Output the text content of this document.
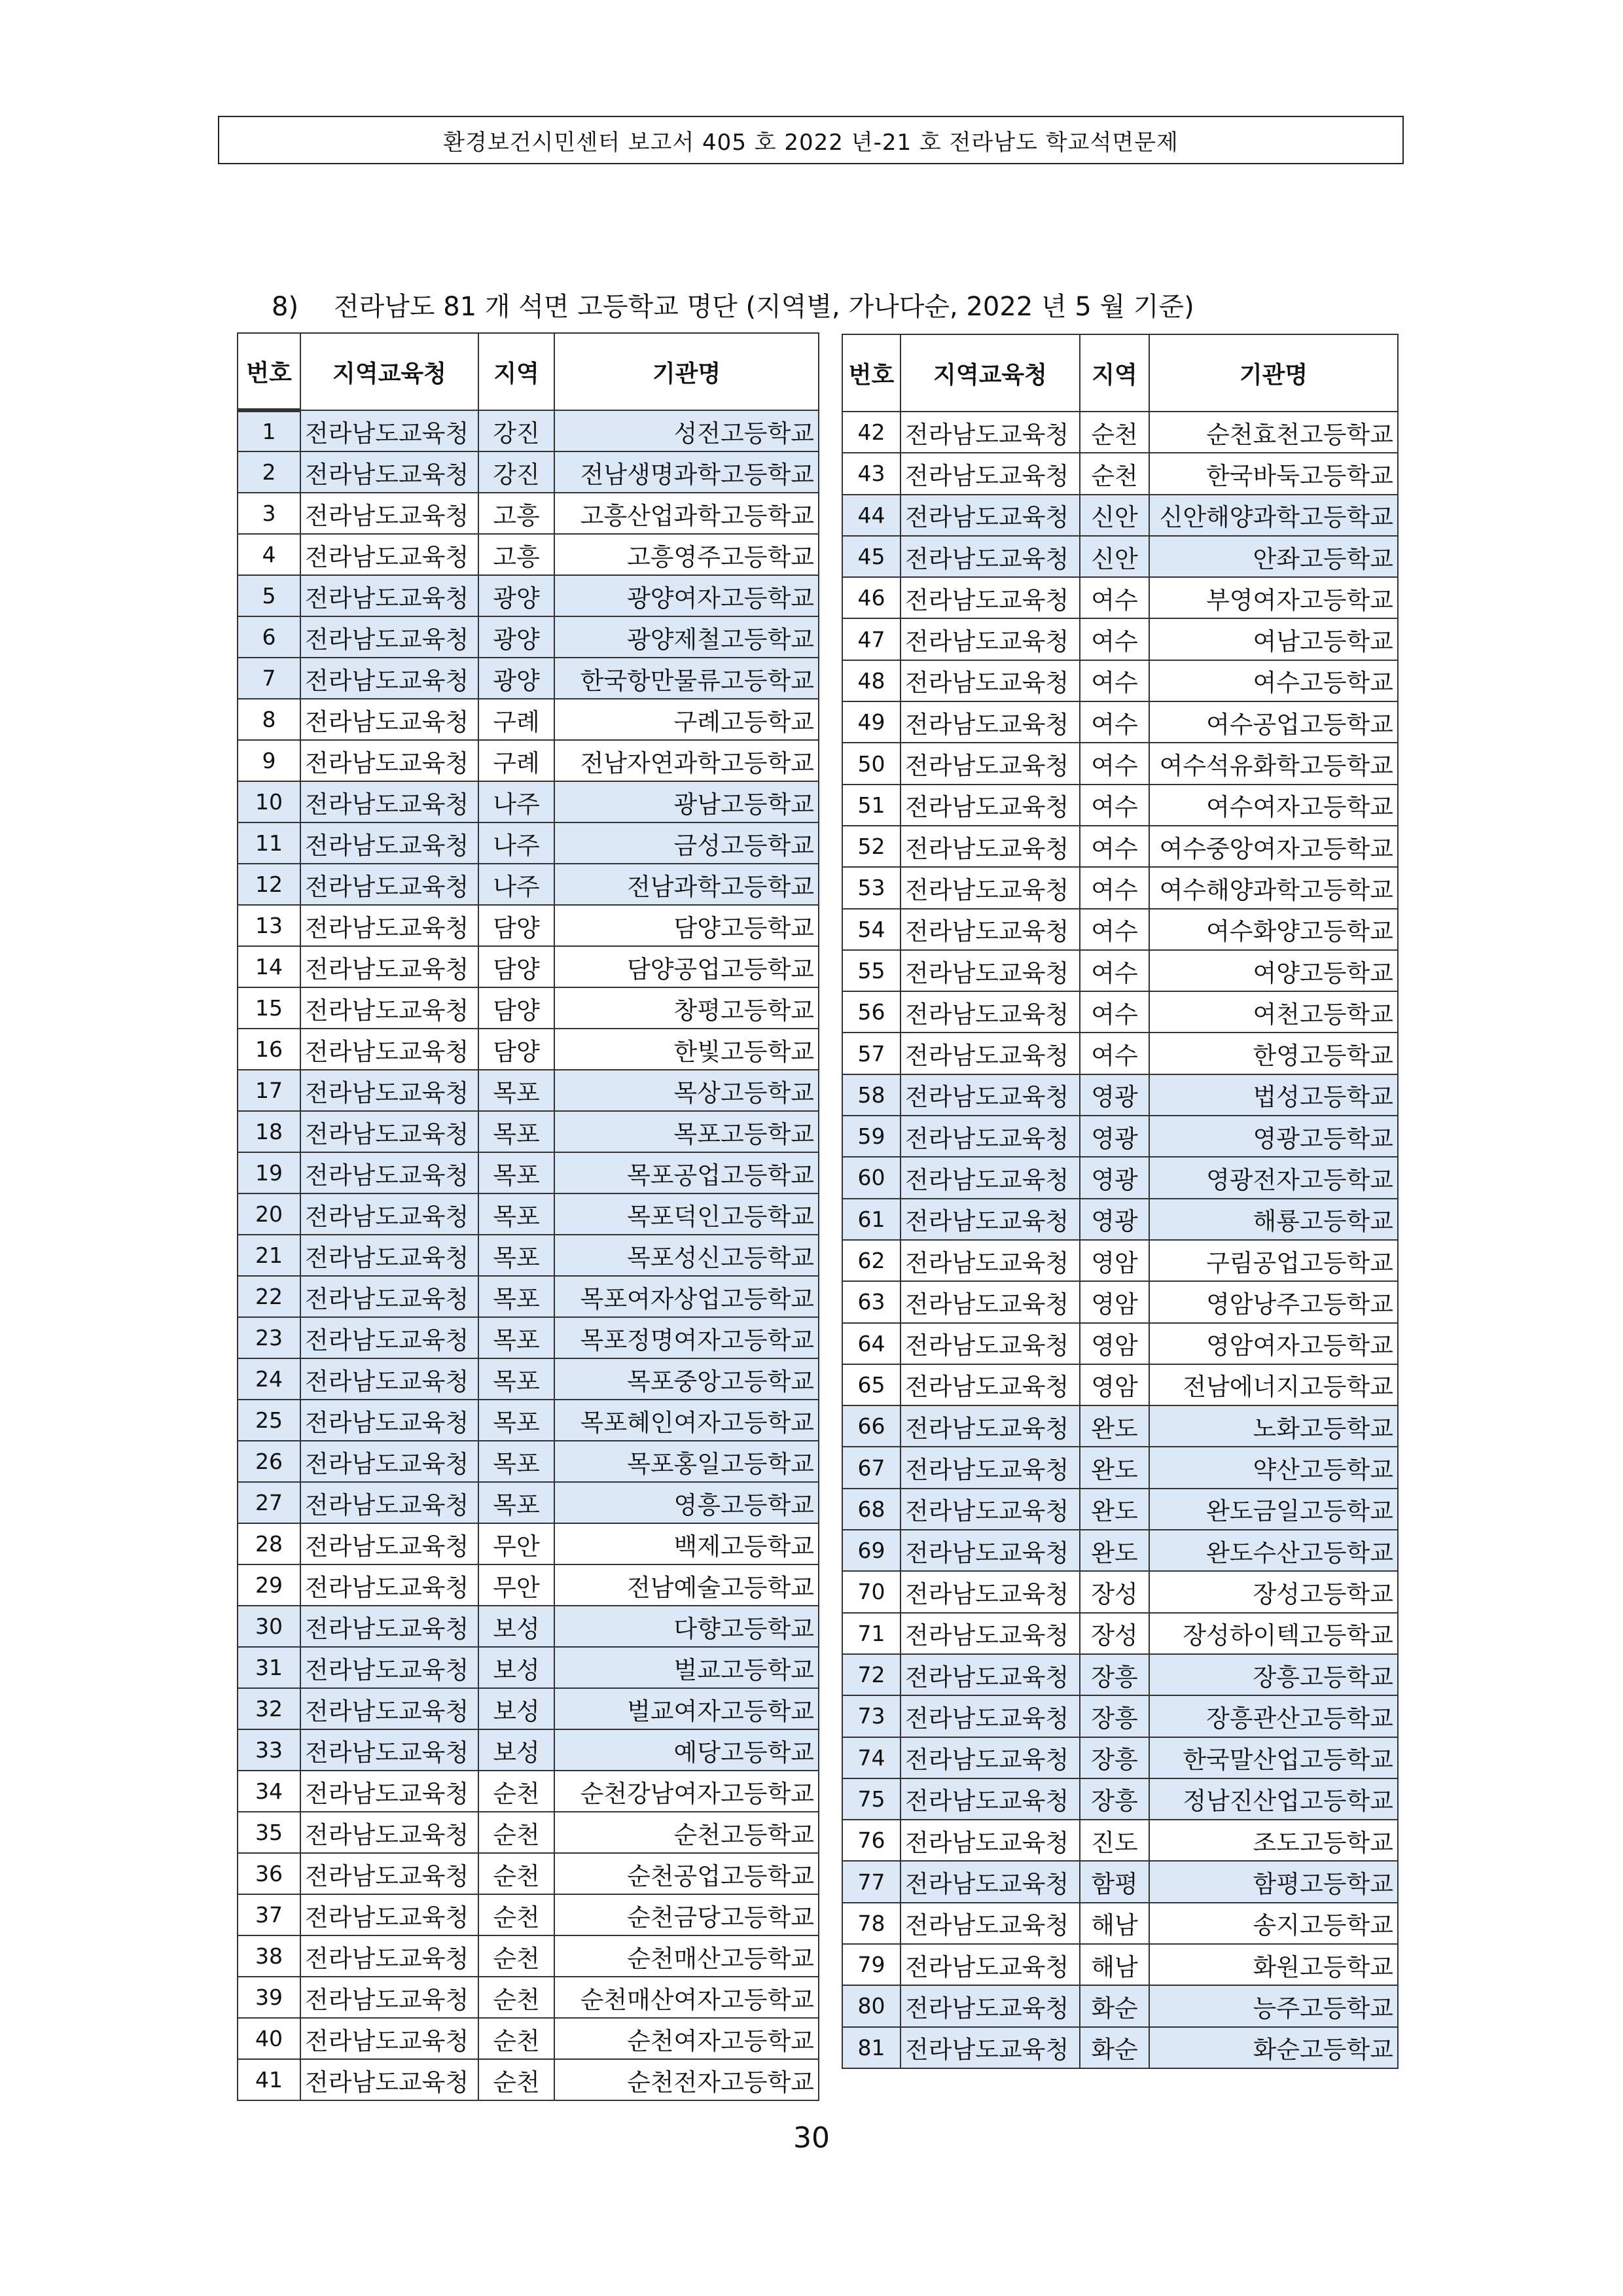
환경보건시민센터 보고서 405 호 2022 년-21 호 전라남도 학교석면문제
8) 전라남도 81 개 석면 고등학교 명단 (지역별, 가나다순, 2022 년 5 월 기준)
번호	지역교육청	지역	기관명
1	전라남도교육청	강진	성전고등학교
2	전라남도교육청	강진	전남생명과학고등학교
3	전라남도교육청	고흥	고흥산업과학고등학교
4	전라남도교육청	고흥	고흥영주고등학교
5	전라남도교육청	광양	광양여자고등학교
6	전라남도교육청	광양	광양제철고등학교
7	전라남도교육청	광양	한국항만물류고등학교
8	전라남도교육청	구례	구례고등학교
9	전라남도교육청	구례	전남자연과학고등학교
10	전라남도교육청	나주	광남고등학교
11	전라남도교육청	나주	금성고등학교
12	전라남도교육청	나주	전남과학고등학교
13	전라남도교육청	담양	담양고등학교
14	전라남도교육청	담양	담양공업고등학교
15	전라남도교육청	담양	창평고등학교
16	전라남도교육청	담양	한빛고등학교
17	전라남도교육청	목포	목상고등학교
18	전라남도교육청	목포	목포고등학교
19	전라남도교육청	목포	목포공업고등학교
20	전라남도교육청	목포	목포덕인고등학교
21	전라남도교육청	목포	목포성신고등학교
22	전라남도교육청	목포	목포여자상업고등학교
23	전라남도교육청	목포	목포정명여자고등학교
24	전라남도교육청	목포	목포중앙고등학교
25	전라남도교육청	목포	목포혜인여자고등학교
26	전라남도교육청	목포	목포홍일고등학교
27	전라남도교육청	목포	영흥고등학교
28	전라남도교육청	무안	백제고등학교
29	전라남도교육청	무안	전남예술고등학교
30	전라남도교육청	보성	다향고등학교
31	전라남도교육청	보성	벌교고등학교
32	전라남도교육청	보성	벌교여자고등학교
33	전라남도교육청	보성	예당고등학교
34	전라남도교육청	순천	순천강남여자고등학교
35	전라남도교육청	순천	순천고등학교
36	전라남도교육청	순천	순천공업고등학교
37	전라남도교육청	순천	순천금당고등학교
38	전라남도교육청	순천	순천매산고등학교
39	전라남도교육청	순천	순천매산여자고등학교
40	전라남도교육청	순천	순천여자고등학교
41	전라남도교육청	순천	순천전자고등학교
번호	지역교육청	지역	기관명
42	전라남도교육청	순천	순천효천고등학교
43	전라남도교육청	순천	한국바둑고등학교
44	전라남도교육청	신안	신안해양과학고등학교
45	전라남도교육청	신안	안좌고등학교
46	전라남도교육청	여수	부영여자고등학교
47	전라남도교육청	여수	여남고등학교
48	전라남도교육청	여수	여수고등학교
49	전라남도교육청	여수	여수공업고등학교
50	전라남도교육청	여수	여수석유화학고등학교
51	전라남도교육청	여수	여수여자고등학교
52	전라남도교육청	여수	여수중앙여자고등학교
53	전라남도교육청	여수	여수해양과학고등학교
54	전라남도교육청	여수	여수화양고등학교
55	전라남도교육청	여수	여양고등학교
56	전라남도교육청	여수	여천고등학교
57	전라남도교육청	여수	한영고등학교
58	전라남도교육청	영광	법성고등학교
59	전라남도교육청	영광	영광고등학교
60	전라남도교육청	영광	영광전자고등학교
61	전라남도교육청	영광	해룡고등학교
62	전라남도교육청	영암	구림공업고등학교
63	전라남도교육청	영암	영암낭주고등학교
64	전라남도교육청	영암	영암여자고등학교
65	전라남도교육청	영암	전남에너지고등학교
66	전라남도교육청	완도	노화고등학교
67	전라남도교육청	완도	약산고등학교
68	전라남도교육청	완도	완도금일고등학교
69	전라남도교육청	완도	완도수산고등학교
70	전라남도교육청	장성	장성고등학교
71	전라남도교육청	장성	장성하이텍고등학교
72	전라남도교육청	장흥	장흥고등학교
73	전라남도교육청	장흥	장흥관산고등학교
74	전라남도교육청	장흥	한국말산업고등학교
75	전라남도교육청	장흥	정남진산업고등학교
76	전라남도교육청	진도	조도고등학교
77	전라남도교육청	함평	함평고등학교
78	전라남도교육청	해남	송지고등학교
79	전라남도교육청	해남	화원고등학교
80	전라남도교육청	화순	능주고등학교
81	전라남도교육청	화순	화순고등학교
30
